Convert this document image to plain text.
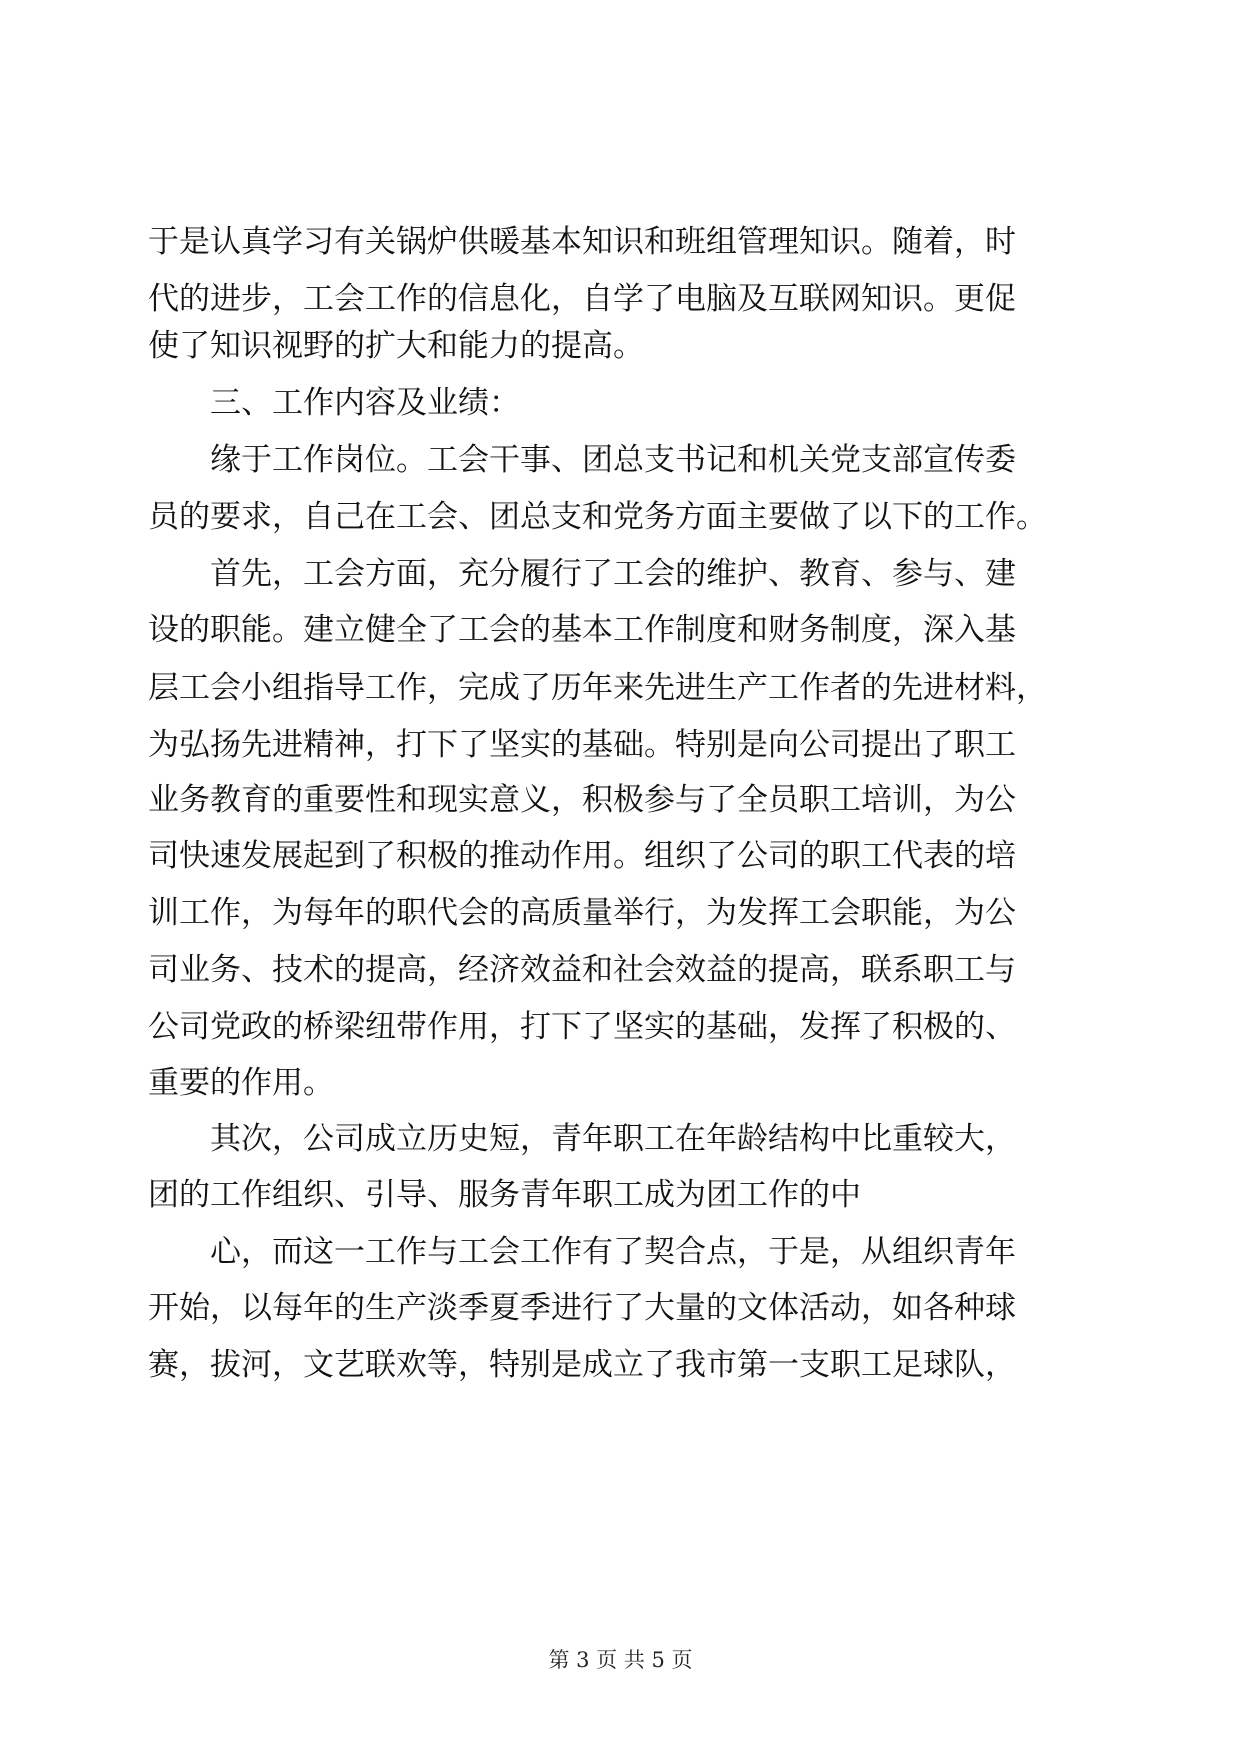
于是认真学习有关锅炉供暖基本知识和班组管理知识。随着，时
代的进步，工会工作的信息化，自学了电脑及互联网知识。更促
使了知识视野的扩大和能力的提高。
三、工作内容及业绩：
缘于工作岗位。工会干事、团总支书记和机关党支部宣传委
员的要求，自己在工会、团总支和党务方面主要做了以下的工作。
首先，工会方面，充分履行了工会的维护、教育、参与、建
设的职能。建立健全了工会的基本工作制度和财务制度，深入基
层工会小组指导工作，完成了历年来先进生产工作者的先进材料，
为弘扬先进精神，打下了坚实的基础。特别是向公司提出了职工
业务教育的重要性和现实意义，积极参与了全员职工培训，为公
司快速发展起到了积极的推动作用。组织了公司的职工代表的培
训工作，为每年的职代会的高质量举行，为发挥工会职能，为公
司业务、技术的提高，经济效益和社会效益的提高，联系职工与
公司党政的桥梁纽带作用，打下了坚实的基础，发挥了积极的、
重要的作用。
其次，公司成立历史短，青年职工在年龄结构中比重较大，
团的工作组织、引导、服务青年职工成为团工作的中
心，而这一工作与工会工作有了契合点，于是，从组织青年
开始，以每年的生产淡季夏季进行了大量的文体活动，如各种球
赛，拔河，文艺联欢等，特别是成立了我市第一支职工足球队，
第 3 页 共 5 页
